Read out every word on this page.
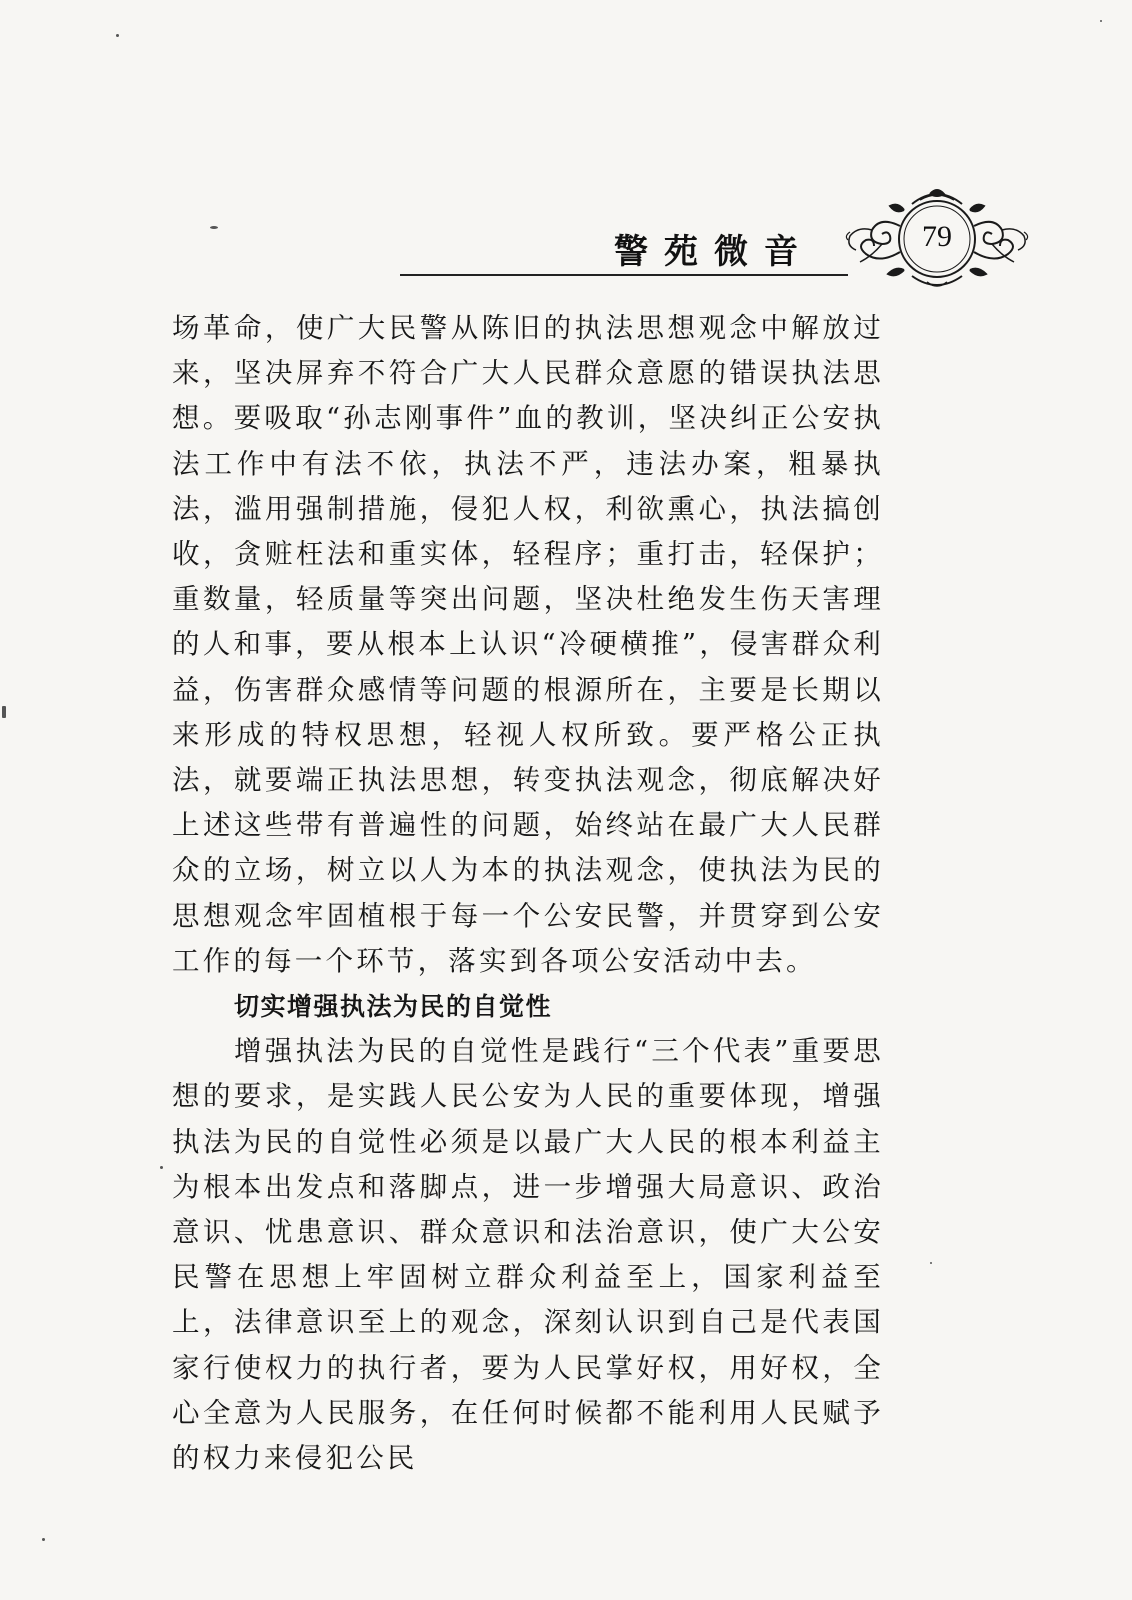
警苑微音	79

场革命，使广大民警从陈旧的执法思想观念中解放过来，坚决屏弃不符合广大人民群众意愿的错误执法思想。要吸取“孙志刚事件”血的教训，坚决纠正公安执法工作中有法不依，执法不严，违法办案，粗暴执法，滥用强制措施，侵犯人权，利欲熏心，执法搞创收，贪赃枉法和重实体，轻程序；重打击，轻保护；重数量，轻质量等突出问题，坚决杜绝发生伤天害理的人和事，要从根本上认识“冷硬横推”，侵害群众利益，伤害群众感情等问题的根源所在，主要是长期以来形成的特权思想，轻视人权所致。要严格公正执法，就要端正执法思想，转变执法观念，彻底解决好上述这些带有普遍性的问题，始终站在最广大人民群众的立场，树立以人为本的执法观念，使执法为民的思想观念牢固植根于每一个公安民警，并贯穿到公安工作的每一个环节，落实到各项公安活动中去。

切实增强执法为民的自觉性

增强执法为民的自觉性是践行“三个代表”重要思想的要求，是实践人民公安为人民的重要体现，增强执法为民的自觉性必须是以最广大人民的根本利益主为根本出发点和落脚点，进一步增强大局意识、政治意识、忧患意识、群众意识和法治意识，使广大公安民警在思想上牢固树立群众利益至上，国家利益至上，法律意识至上的观念，深刻认识到自己是代表国家行使权力的执行者，要为人民掌好权，用好权，全心全意为人民服务，在任何时候都不能利用人民赋予的权力来侵犯公民
